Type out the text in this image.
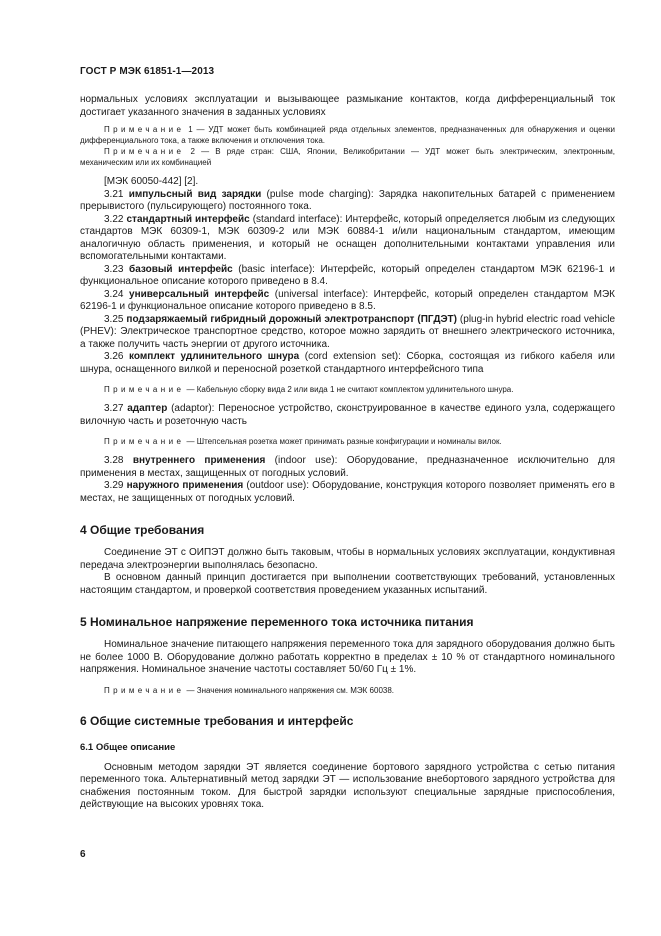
ГОСТ Р МЭК 61851-1—2013

нормальных условиях эксплуатации и вызывающее размыкание контактов, когда дифференциальный ток достигает указанного значения в заданных условиях

Примечание 1 — УДТ может быть комбинацией ряда отдельных элементов, предназначенных для обнаружения и оценки дифференциального тока, а также включения и отключения тока.

Примечание 2 — В ряде стран: США, Японии, Великобритании — УДТ может быть электрическим, электронным, механическим или их комбинацией

[МЭК 60050-442] [2].

3.21 импульсный вид зарядки (pulse mode charging): Зарядка накопительных батарей с применением прерывистого (пульсирующего) постоянного тока.

3.22 стандартный интерфейс (standard interface): Интерфейс, который определяется любым из следующих стандартов МЭК 60309-1, МЭК 60309-2 или МЭК 60884-1 и/или национальным стандартом, имеющим аналогичную область применения, и который не оснащен дополнительными контактами управления или вспомогательными контактами.

3.23 базовый интерфейс (basic interface): Интерфейс, который определен стандартом МЭК 62196-1 и функциональное описание которого приведено в 8.4.

3.24 универсальный интерфейс (universal interface): Интерфейс, который определен стандартом МЭК 62196-1 и функциональное описание которого приведено в 8.5.

3.25 подзаряжаемый гибридный дорожный электротранспорт (ПГДЭТ) (plug-in hybrid electric road vehicle (PHEV): Электрическое транспортное средство, которое можно зарядить от внешнего электрического источника, а также получить часть энергии от другого источника.

3.26 комплект удлинительного шнура (cord extension set): Сборка, состоящая из гибкого кабеля или шнура, оснащенного вилкой и переносной розеткой стандартного интерфейсного типа

Примечание — Кабельную сборку вида 2 или вида 1 не считают комплектом удлинительного шнура.

3.27 адаптер (adaptor): Переносное устройство, сконструированное в качестве единого узла, содержащего вилочную часть и розеточную часть

Примечание — Штепсельная розетка может принимать разные конфигурации и номиналы вилок.

3.28 внутреннего применения (indoor use): Оборудование, предназначенное исключительно для применения в местах, защищенных от погодных условий.

3.29 наружного применения (outdoor use): Оборудование, конструкция которого позволяет применять его в местах, не защищенных от погодных условий.

4 Общие требования

Соединение ЭТ с ОИПЭТ должно быть таковым, чтобы в нормальных условиях эксплуатации, кондуктивная передача электроэнергии выполнялась безопасно.

В основном данный принцип достигается при выполнении соответствующих требований, установленных настоящим стандартом, и проверкой соответствия проведением указанных испытаний.

5 Номинальное напряжение переменного тока источника питания

Номинальное значение питающего напряжения переменного тока для зарядного оборудования должно быть не более 1000 В. Оборудование должно работать корректно в пределах ± 10 % от стандартного номинального напряжения. Номинальное значение частоты составляет 50/60 Гц ± 1%.

Примечание — Значения номинального напряжения см. МЭК 60038.

6 Общие системные требования и интерфейс
6.1 Общее описание

Основным методом зарядки ЭТ является соединение бортового зарядного устройства с сетью питания переменного тока. Альтернативный метод зарядки ЭТ — использование внебортового зарядного устройства для снабжения постоянным током. Для быстрой зарядки используют специальные зарядные приспособления, действующие на высоких уровнях тока.

6
